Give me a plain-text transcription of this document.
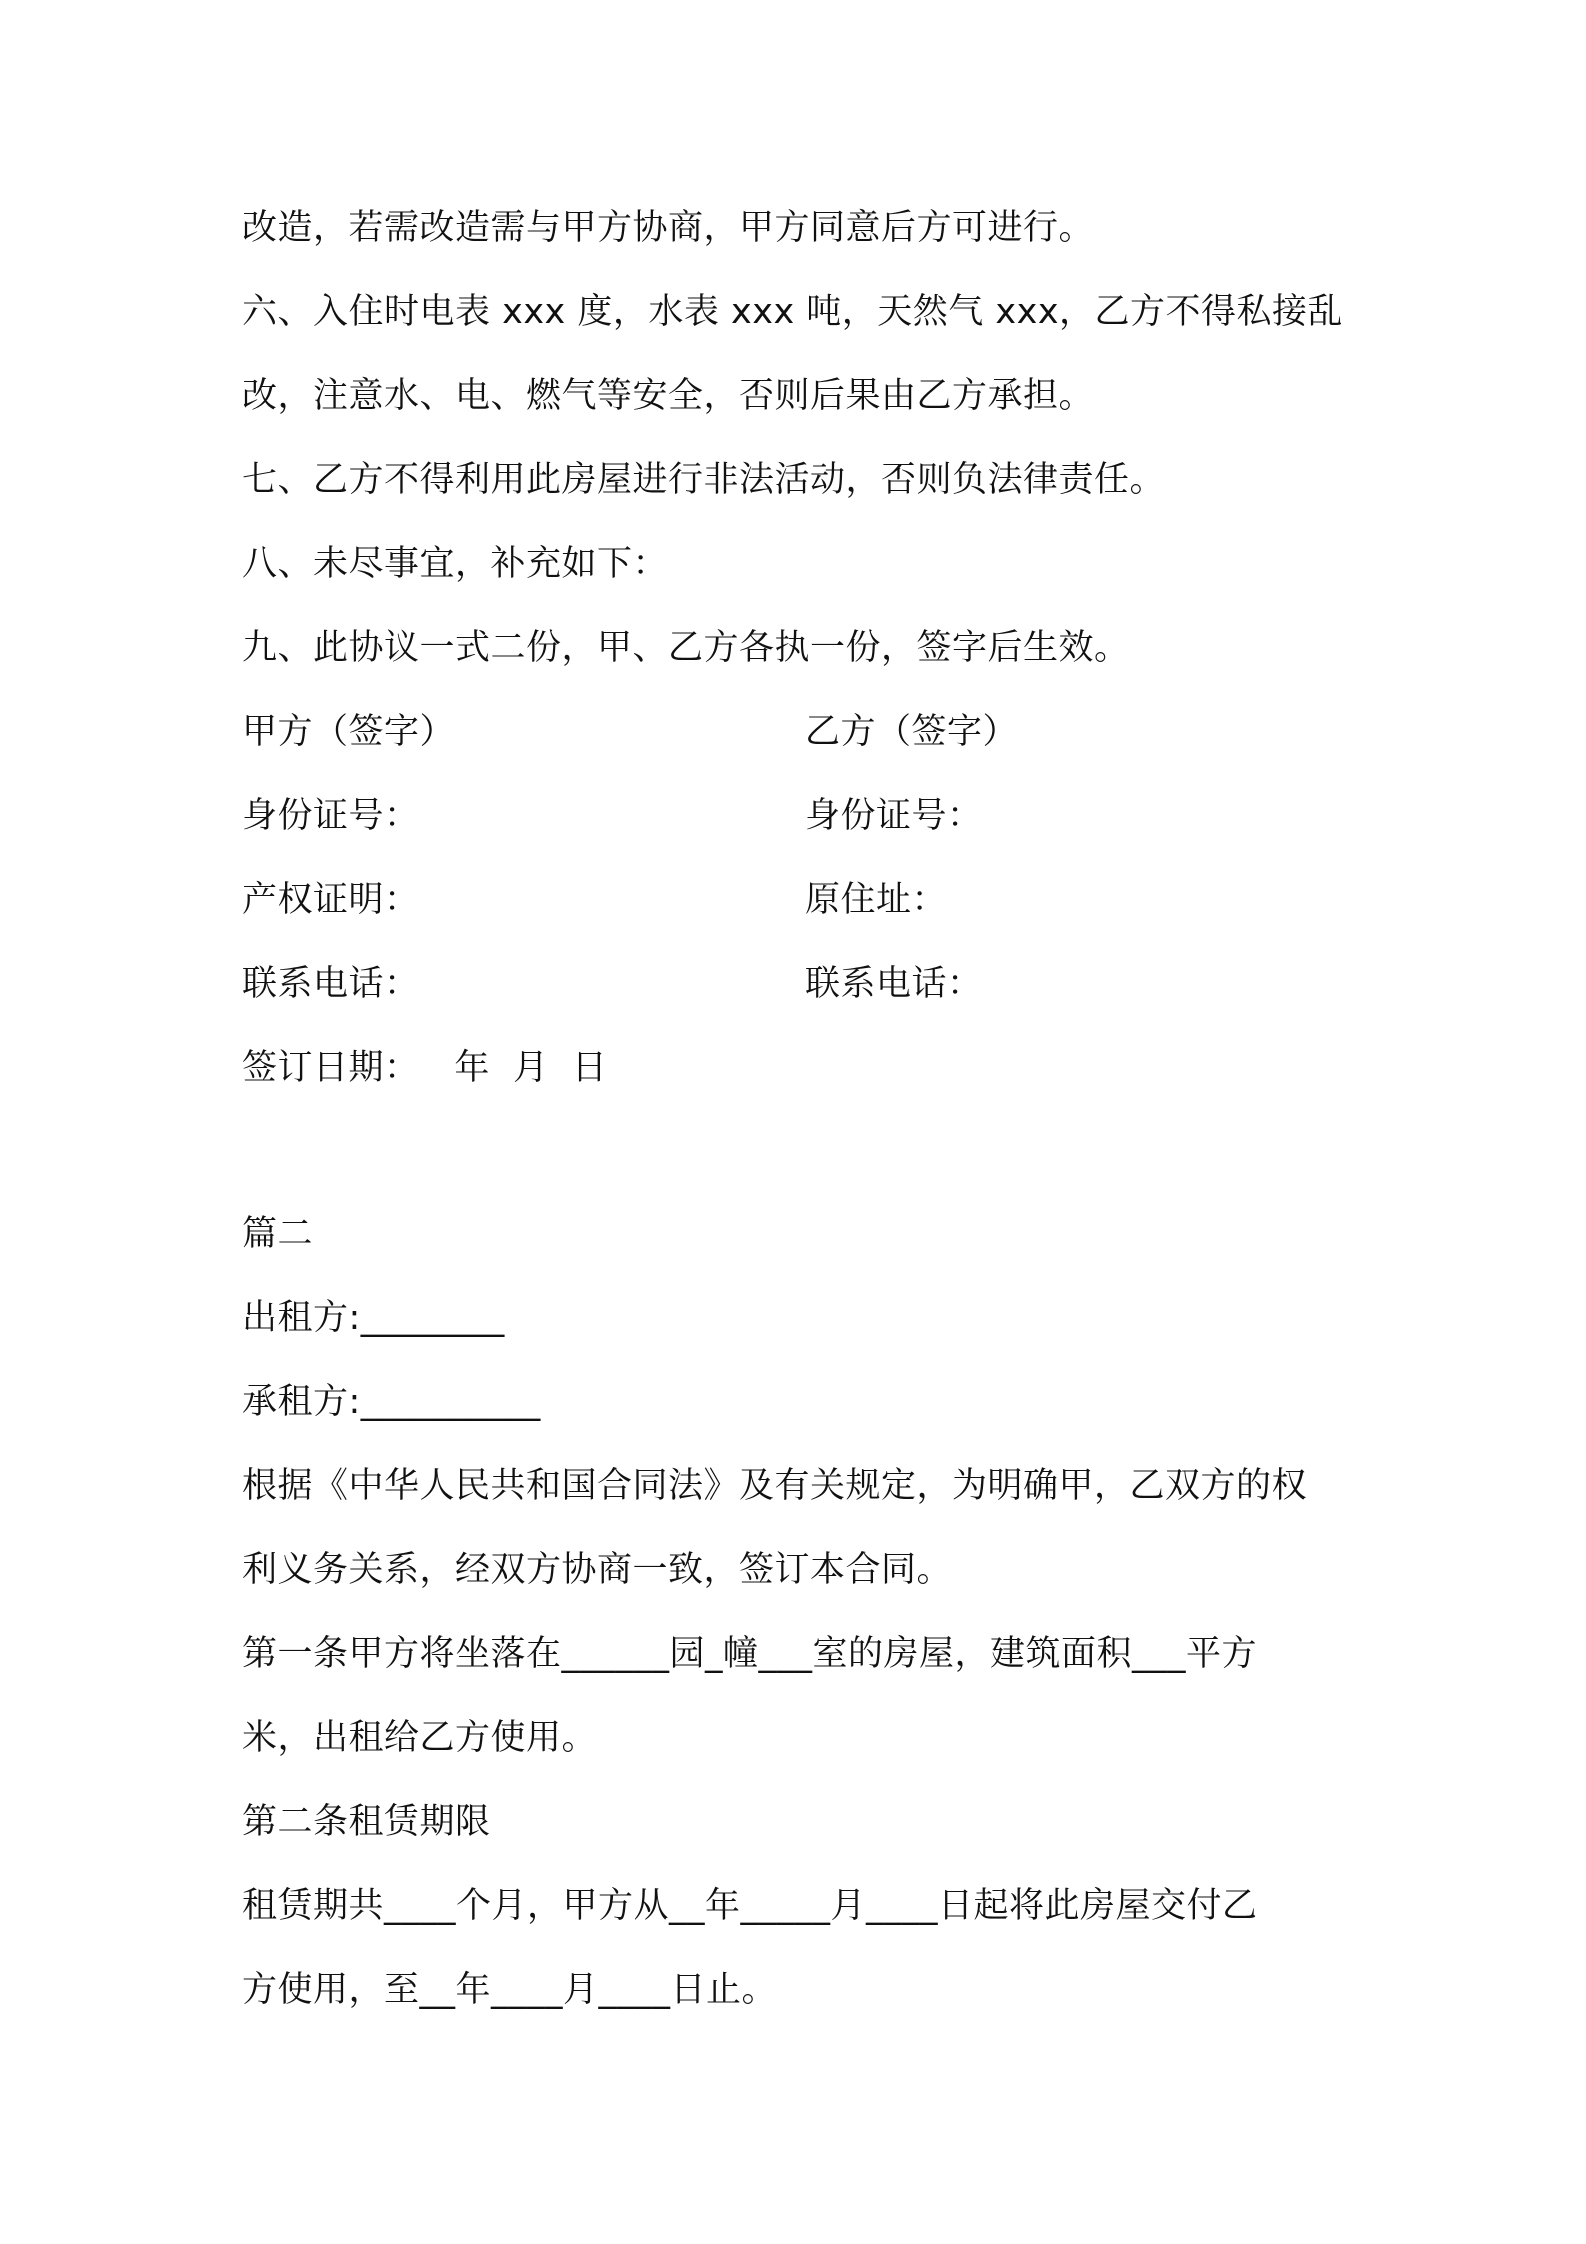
改造，若需改造需与甲方协商，甲方同意后方可进行。
六、入住时电表 xxx 度，水表 xxx 吨，天然气 xxx，乙方不得私接乱
改，注意水、电、燃气等安全，否则后果由乙方承担。
七、乙方不得利用此房屋进行非法活动，否则负法律责任。
八、未尽事宜，补充如下：
九、此协议一式二份，甲、乙方各执一份，签字后生效。
甲方（签字）	乙方（签字）
身份证号：	身份证号：
产权证明：	原住址：
联系电话：	联系电话：
签订日期：   年  月  日
篇二
出租方:________
承租方:__________
根据《中华人民共和国合同法》及有关规定，为明确甲，乙双方的权
利义务关系，经双方协商一致，签订本合同。
第一条甲方将坐落在______园_幢___室的房屋，建筑面积___平方
米，出租给乙方使用。
第二条租赁期限
租赁期共____个月，甲方从__年_____月____日起将此房屋交付乙
方使用，至__年____月____日止。
